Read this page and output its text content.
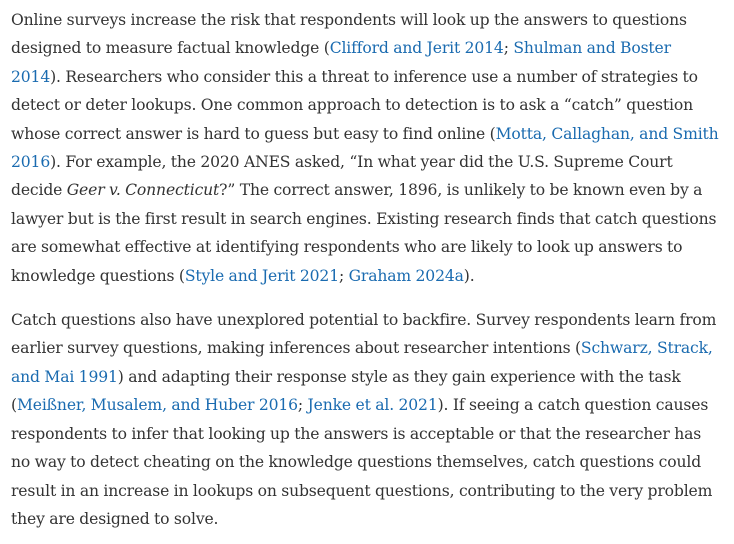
Online surveys increase the risk that respondents will look up the answers to questions designed to measure factual knowledge (Clifford and Jerit 2014; Shulman and Boster 2014). Researchers who consider this a threat to inference use a number of strategies to detect or deter lookups. One common approach to detection is to ask a “catch” question whose correct answer is hard to guess but easy to find online (Motta, Callaghan, and Smith 2016). For example, the 2020 ANES asked, “In what year did the U.S. Supreme Court decide Geer v. Connecticut?” The correct answer, 1896, is unlikely to be known even by a lawyer but is the first result in search engines. Existing research finds that catch questions are somewhat effective at identifying respondents who are likely to look up answers to knowledge questions (Style and Jerit 2021; Graham 2024a).

Catch questions also have unexplored potential to backfire. Survey respondents learn from earlier survey questions, making inferences about researcher intentions (Schwarz, Strack, and Mai 1991) and adapting their response style as they gain experience with the task (Meißner, Musalem, and Huber 2016; Jenke et al. 2021). If seeing a catch question causes respondents to infer that looking up the answers is acceptable or that the researcher has no way to detect cheating on the knowledge questions themselves, catch questions could result in an increase in lookups on subsequent questions, contributing to the very problem they are designed to solve.
